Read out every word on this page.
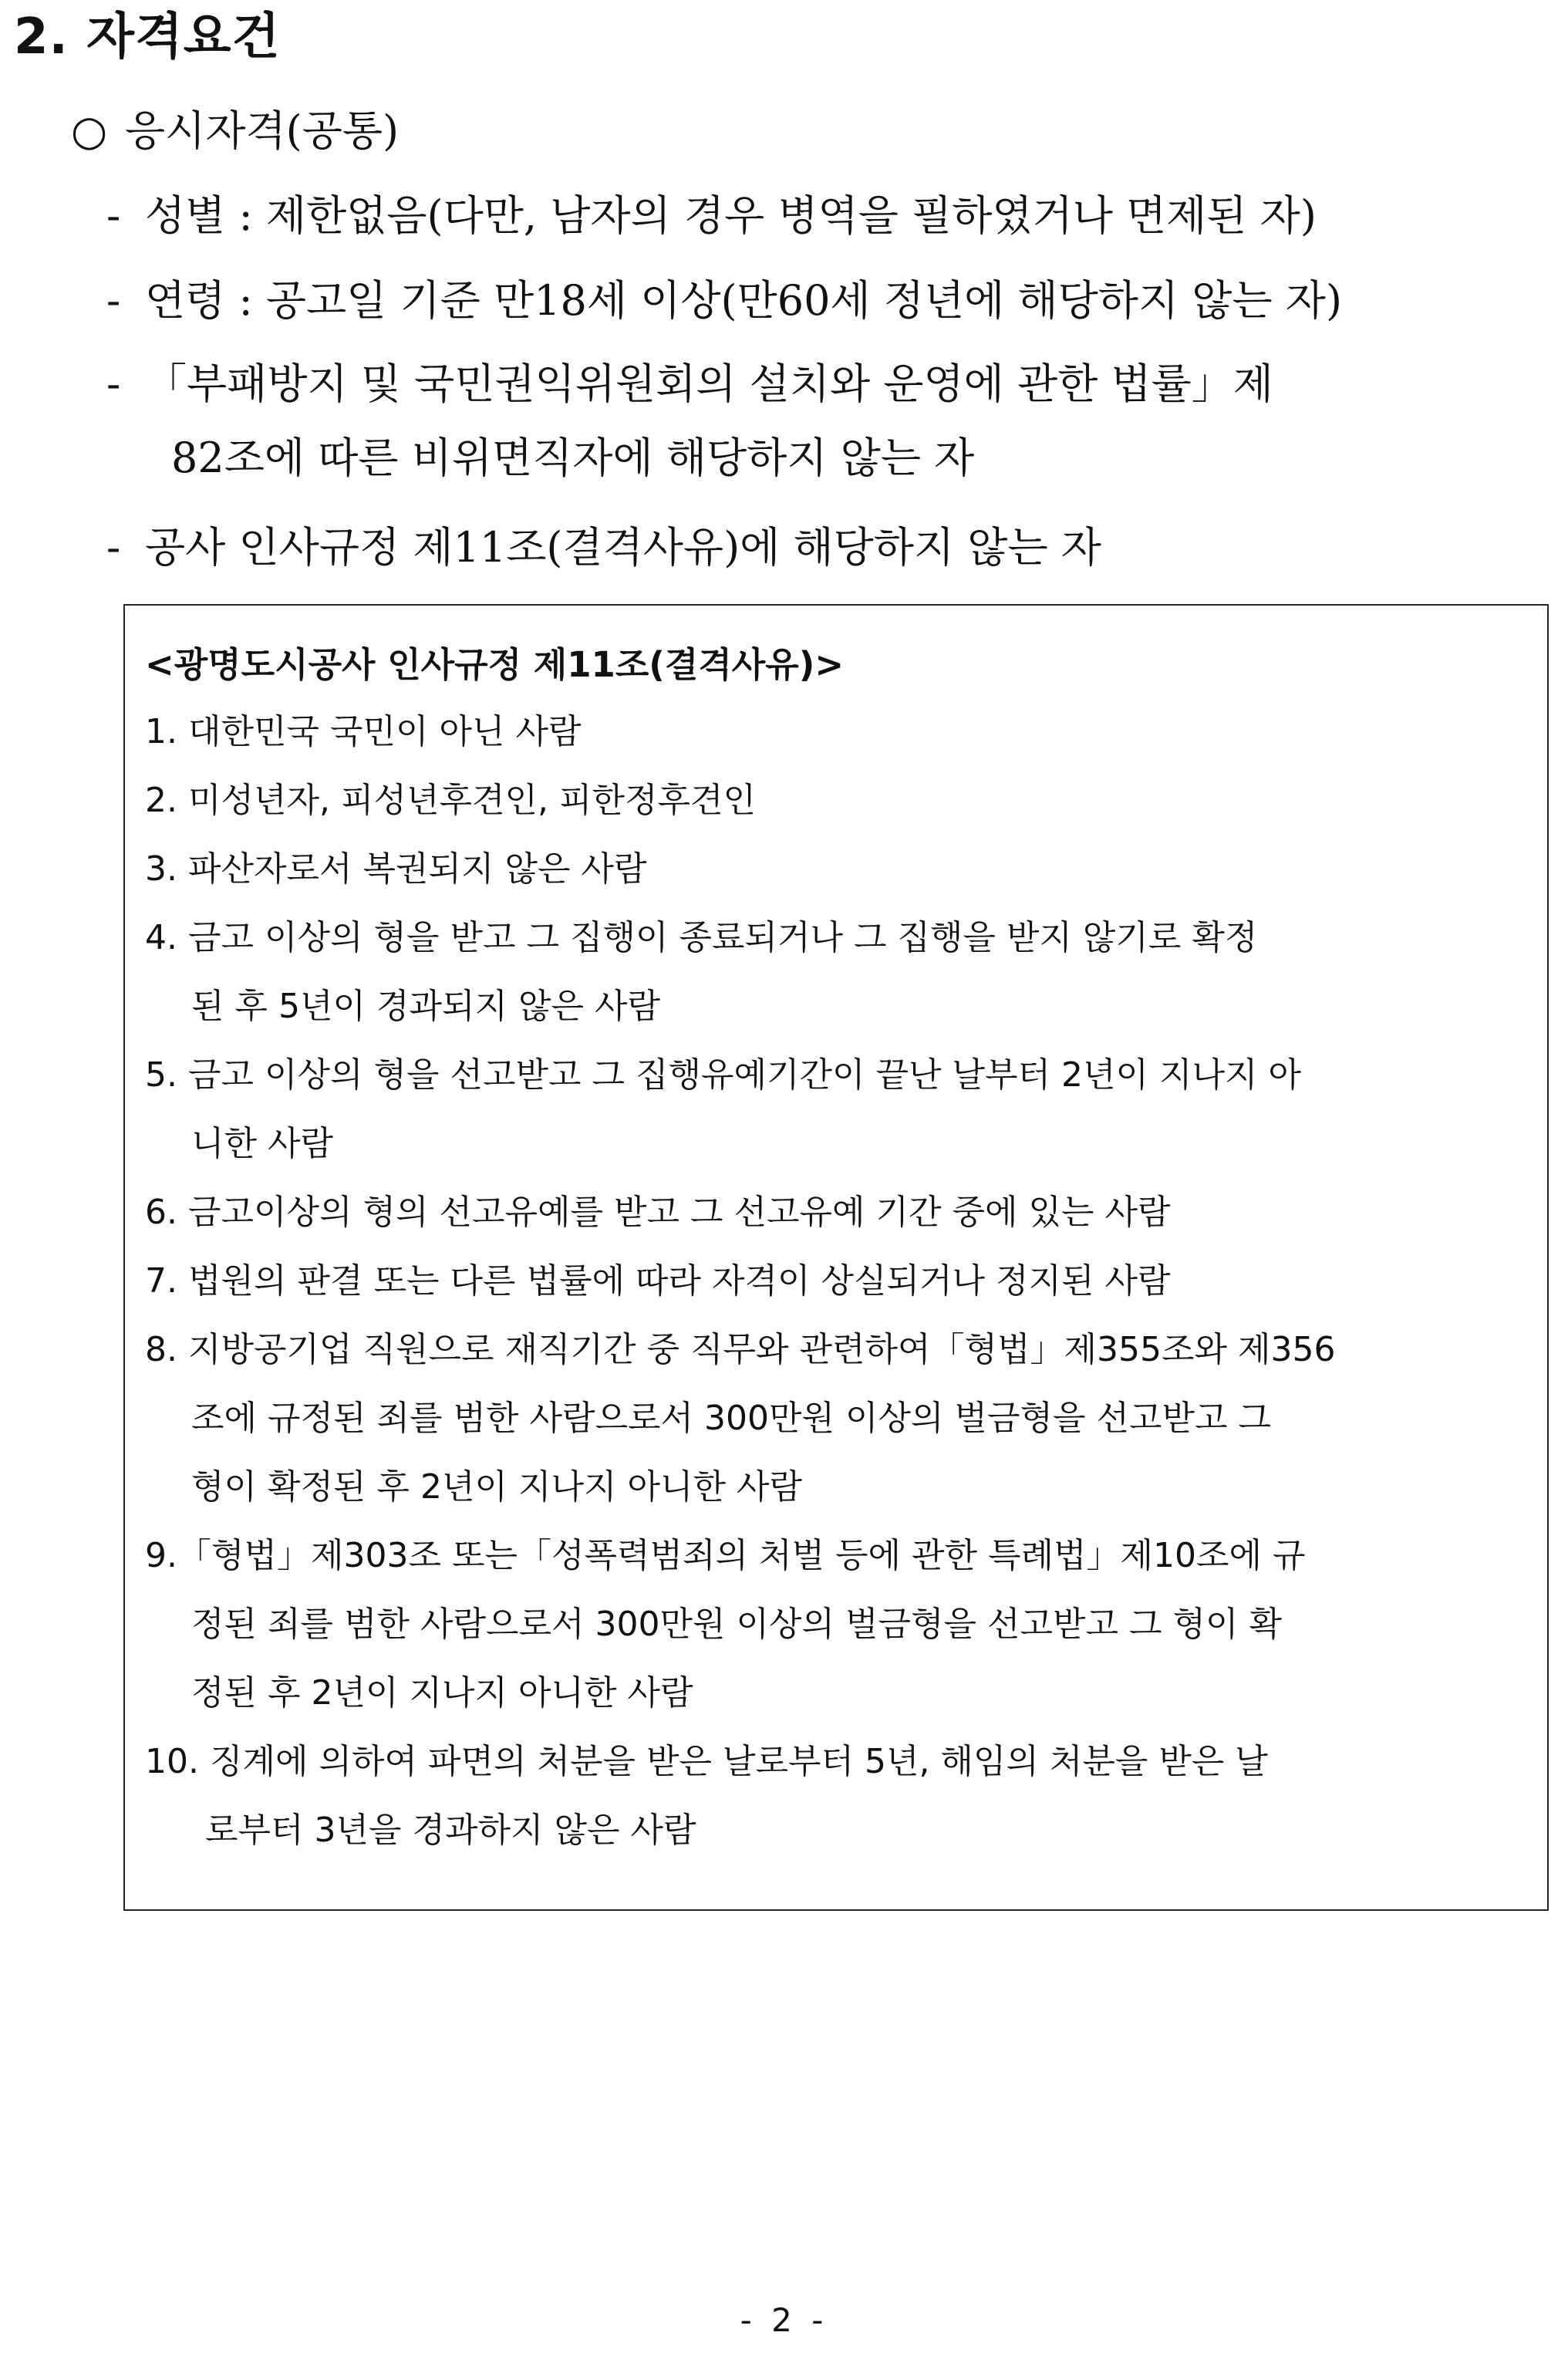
2. 자격요건

○ 응시자격(공통)

- 성별 : 제한없음(다만, 남자의 경우 병역을 필하였거나 면제된 자)

- 연령 : 공고일 기준 만18세 이상(만60세 정년에 해당하지 않는 자)

- 「부패방지 및 국민권익위원회의 설치와 운영에 관한 법률」제

82조에 따른 비위면직자에 해당하지 않는 자

- 공사 인사규정 제11조(결격사유)에 해당하지 않는 자

<광명도시공사 인사규정 제11조(결격사유)>

1. 대한민국 국민이 아닌 사람

2. 미성년자, 피성년후견인, 피한정후견인

3. 파산자로서 복권되지 않은 사람

4. 금고 이상의 형을 받고 그 집행이 종료되거나 그 집행을 받지 않기로 확정

된 후 5년이 경과되지 않은 사람

5. 금고 이상의 형을 선고받고 그 집행유예기간이 끝난 날부터 2년이 지나지 아

니한 사람

6. 금고이상의 형의 선고유예를 받고 그 선고유예 기간 중에 있는 사람

7. 법원의 판결 또는 다른 법률에 따라 자격이 상실되거나 정지된 사람

8. 지방공기업 직원으로 재직기간 중 직무와 관련하여「형법」제355조와 제356

조에 규정된 죄를 범한 사람으로서 300만원 이상의 벌금형을 선고받고 그

형이 확정된 후 2년이 지나지 아니한 사람

9.「형법」제303조 또는「성폭력범죄의 처벌 등에 관한 특례법」제10조에 규

정된 죄를 범한 사람으로서 300만원 이상의 벌금형을 선고받고 그 형이 확

정된 후 2년이 지나지 아니한 사람

10. 징계에 의하여 파면의 처분을 받은 날로부터 5년, 해임의 처분을 받은 날

로부터 3년을 경과하지 않은 사람

- 2 -
